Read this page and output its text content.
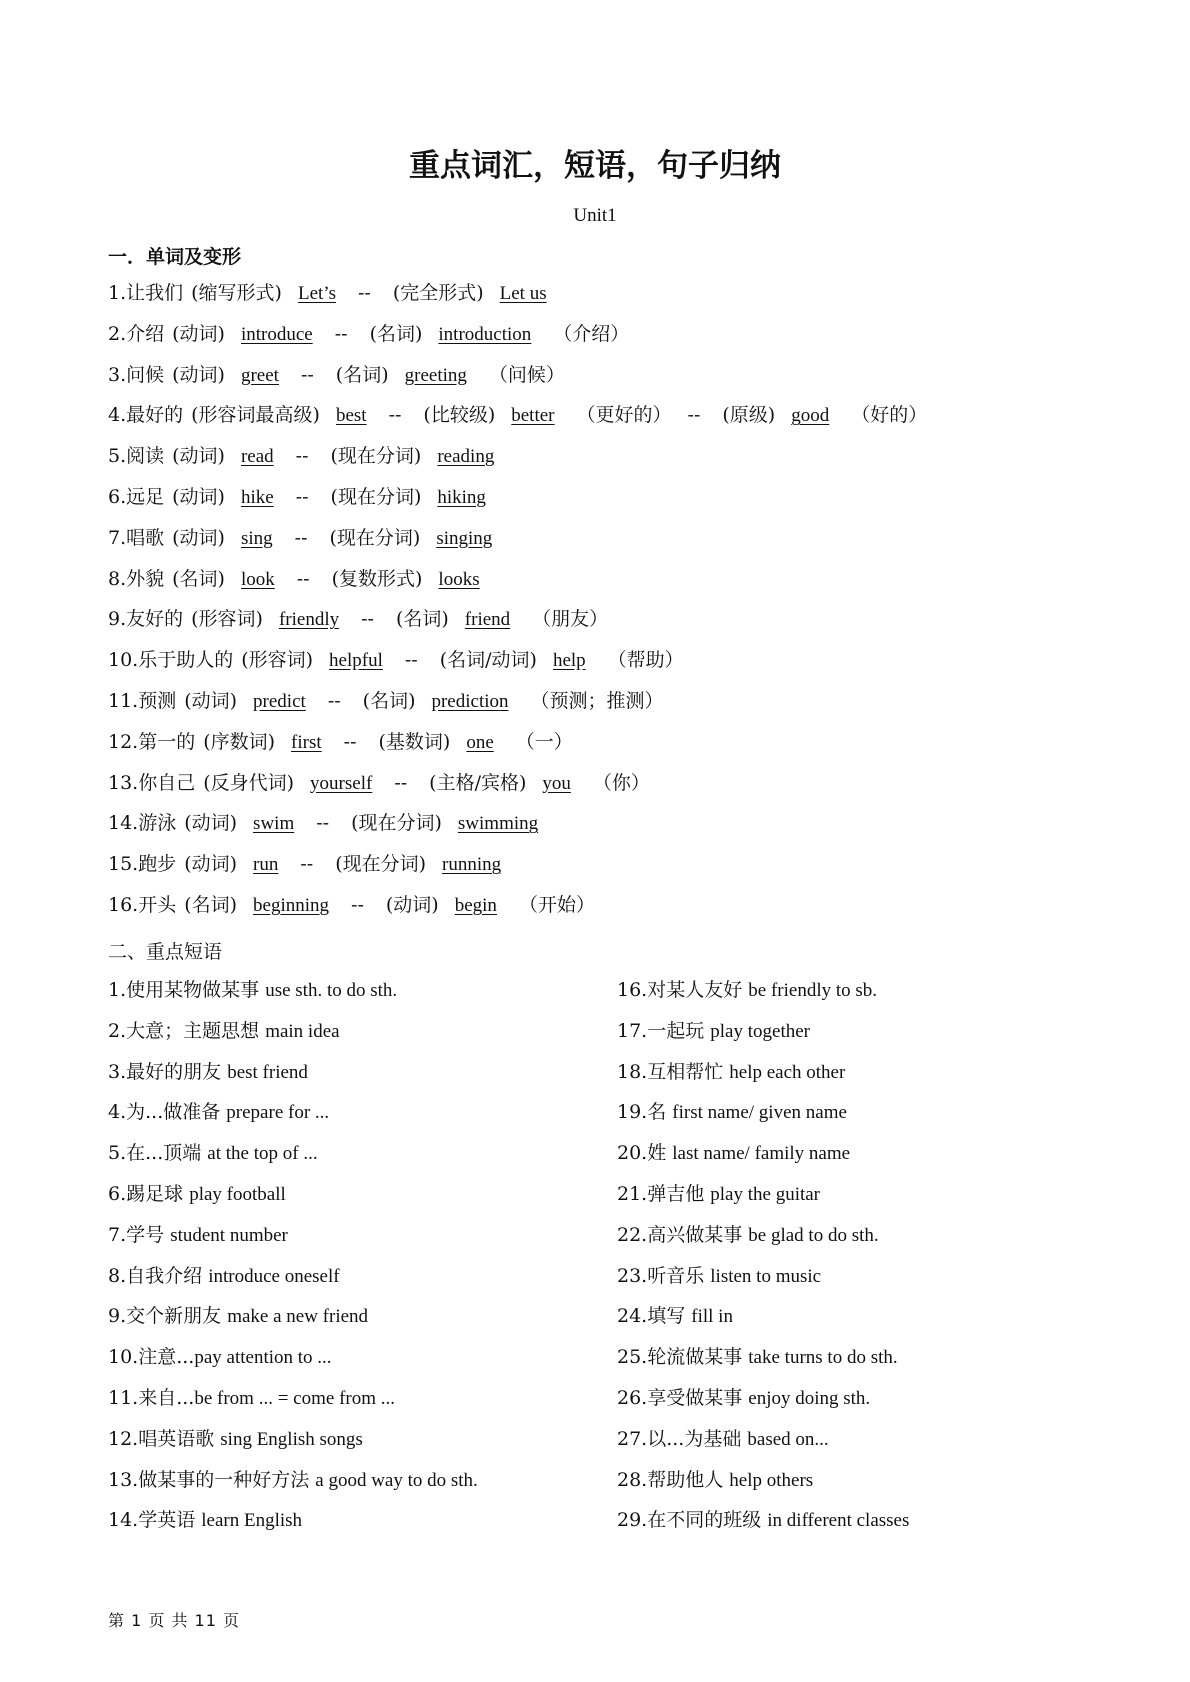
重点词汇，短语，句子归纳
Unit1
一．单词及变形
1.让我们 (缩写形式) Let’s -- (完全形式) Let us
2.介绍 (动词) introduce -- (名词) introduction （介绍）
3.问候 (动词) greet -- (名词) greeting （问候）
4.最好的 (形容词最高级) best -- (比较级) better （更好的） -- (原级) good （好的）
5.阅读 (动词) read -- (现在分词) reading
6.远足 (动词) hike -- (现在分词) hiking
7.唱歌 (动词) sing -- (现在分词) singing
8.外貌 (名词) look -- (复数形式) looks
9.友好的 (形容词) friendly -- (名词) friend （朋友）
10.乐于助人的 (形容词) helpful -- (名词/动词) help （帮助）
11.预测 (动词) predict -- (名词) prediction （预测；推测）
12.第一的 (序数词) first -- (基数词) one （一）
13.你自己 (反身代词) yourself -- (主格/宾格) you （你）
14.游泳 (动词) swim -- (现在分词) swimming
15.跑步 (动词) run -- (现在分词) running
16.开头 (名词) beginning -- (动词) begin （开始）
二、重点短语
1.使用某物做某事 use sth. to do sth.
2.大意；主题思想 main idea
3.最好的朋友 best friend
4.为...做准备 prepare for ...
5.在...顶端 at the top of ...
6.踢足球 play football
7.学号 student number
8.自我介绍 introduce oneself
9.交个新朋友 make a new friend
10.注意...pay attention to ...
11.来自...be from ... = come from ...
12.唱英语歌 sing English songs
13.做某事的一种好方法 a good way to do sth.
14.学英语 learn English
16.对某人友好 be friendly to sb.
17.一起玩 play together
18.互相帮忙 help each other
19.名 first name/ given name
20.姓 last name/ family name
21.弹吉他 play the guitar
22.高兴做某事 be glad to do sth.
23.听音乐 listen to music
24.填写 fill in
25.轮流做某事 take turns to do sth.
26.享受做某事 enjoy doing sth.
27.以...为基础 based on...
28.帮助他人 help others
29.在不同的班级 in different classes
第 1 页 共 11 页
